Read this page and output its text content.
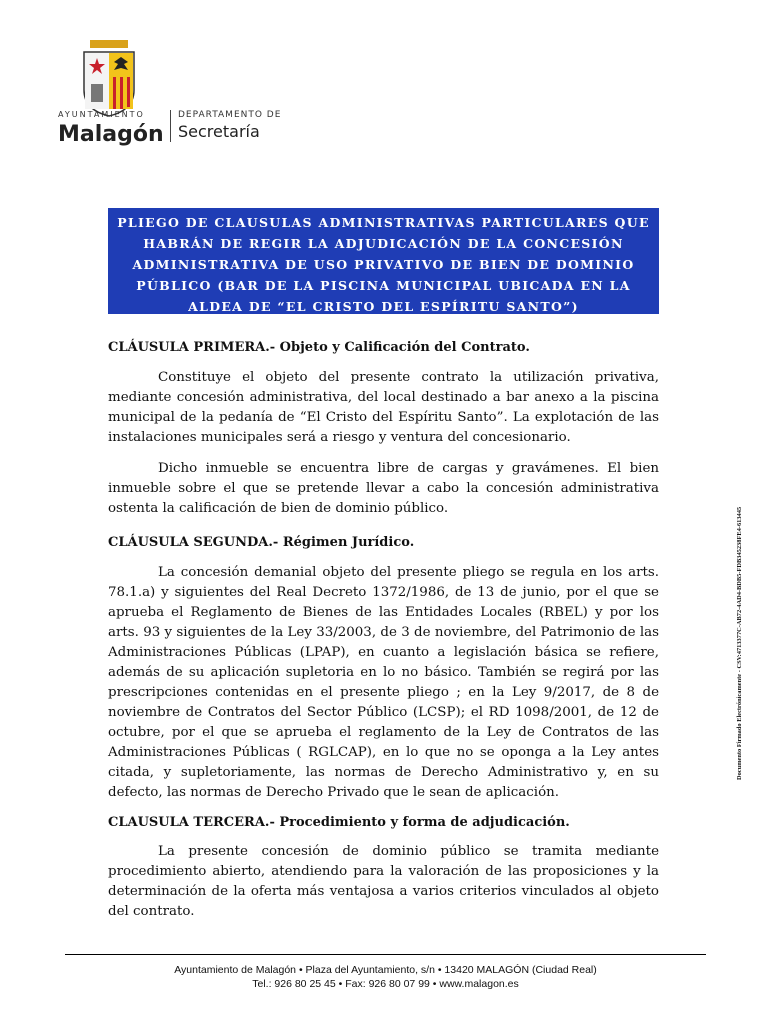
AYUNTAMIENTO
Malagón
DEPARTAMENTO DE
Secretaría
PLIEGO DE CLAUSULAS ADMINISTRATIVAS PARTICULARES QUE HABRÁN DE REGIR LA ADJUDICACIÓN DE LA CONCESIÓN ADMINISTRATIVA DE USO PRIVATIVO DE BIEN DE DOMINIO PÚBLICO (BAR DE LA PISCINA MUNICIPAL UBICADA EN LA ALDEA DE “EL CRISTO DEL ESPÍRITU SANTO”)

CLÁUSULA PRIMERA.- Objeto y Calificación del Contrato.

Constituye el objeto del presente contrato la utilización privativa, mediante concesión administrativa, del local destinado a bar anexo a la piscina municipal de la pedanía de “El Cristo del Espíritu Santo”. La explotación de las instalaciones municipales será a riesgo y ventura del concesionario.

Dicho inmueble se encuentra libre de cargas y gravámenes. El bien inmueble sobre el que se pretende llevar a cabo la concesión administrativa ostenta la calificación de bien de dominio público.

CLÁUSULA SEGUNDA.- Régimen Jurídico.

La concesión demanial objeto del presente pliego se regula en los arts. 78.1.a) y siguientes del Real Decreto 1372/1986, de 13 de junio, por el que se aprueba el Reglamento de Bienes de las Entidades Locales (RBEL) y por los arts. 93 y siguientes de la Ley 33/2003, de 3 de noviembre, del Patrimonio de las Administraciones Públicas (LPAP), en cuanto a legislación básica se refiere, además de su aplicación supletoria en lo no básico. También se regirá por las prescripciones contenidas en el presente pliego ; en la Ley 9/2017, de 8 de noviembre de Contratos del Sector Público (LCSP); el RD 1098/2001, de 12 de octubre, por el que se aprueba el reglamento de la Ley de Contratos de las Administraciones Públicas ( RGLCAP), en lo que no se oponga a la Ley antes citada, y supletoriamente, las normas de Derecho Administrativo y, en su defecto, las normas de Derecho Privado que le sean de aplicación.

CLAUSULA TERCERA.- Procedimiento y forma de adjudicación.

La presente concesión de dominio público se tramita mediante procedimiento abierto, atendiendo para la valoración de las proposiciones y la determinación de la oferta más ventajosa a varios criterios vinculados al objeto del contrato.

Documento Firmado Electrónicamente - CSV:4713377C-AB72-4AD4-BDB5-FDB345238FE4-613445
Ayuntamiento de Malagón • Plaza del Ayuntamiento, s/n • 13420 MALAGÓN (Ciudad Real)
Tel.: 926 80 25 45 • Fax: 926 80 07 99 • www.malagon.es
